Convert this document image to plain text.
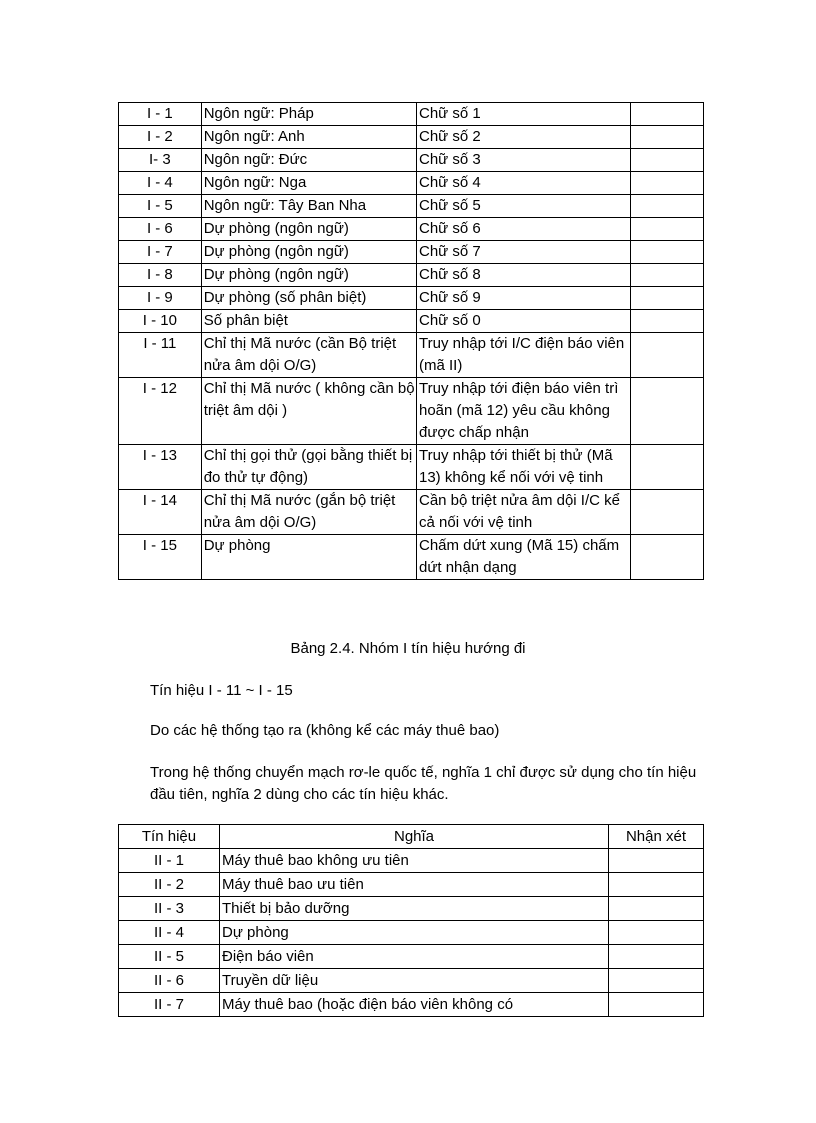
I - 1	Ngôn ngữ: Pháp	Chữ số 1	
I - 2	Ngôn ngữ: Anh	Chữ số 2	
I- 3	Ngôn ngữ: Đức	Chữ số 3	
I - 4	Ngôn ngữ: Nga	Chữ số 4	
I - 5	Ngôn ngữ: Tây Ban Nha	Chữ số 5	
I - 6	Dự phòng (ngôn ngữ)	Chữ số 6	
I - 7	Dự phòng (ngôn ngữ)	Chữ số 7	
I - 8	Dự phòng (ngôn ngữ)	Chữ số 8	
I - 9	Dự phòng (số phân biệt)	Chữ số 9	
I - 10	Số phân biệt	Chữ số 0	
I - 11	Chỉ thị Mã nước (cần Bộ triệt nửa âm dội O/G)	Truy nhập tới I/C điện báo viên (mã II)	
I - 12	Chỉ thị Mã nước ( không cần bộ triệt âm dội )	Truy nhập tới điện báo viên trì hoãn (mã 12) yêu cầu không được chấp nhận	
I - 13	Chỉ thị gọi thử (gọi bằng thiết bị đo thử tự động)	Truy nhập tới thiết bị thử (Mã 13) không kể nối với vệ tinh	
I - 14	Chỉ thị Mã nước (gắn bộ triệt nửa âm dội O/G)	Cần bộ triệt nửa âm dội I/C kể cả nối với vệ tinh	
I - 15	Dự phòng	Chấm dứt xung (Mã 15) chấm dứt nhận dạng	
Bảng 2.4. Nhóm I tín hiệu hướng đi
Tín hiệu I - 11 ~ I - 15
Do các hệ thống tạo ra (không kể các máy thuê bao)
Trong hệ thống chuyển mạch rơ-le quốc tế, nghĩa 1 chỉ được sử dụng cho tín hiệu đầu tiên, nghĩa 2 dùng cho các tín hiệu khác.
Tín hiệu	Nghĩa	Nhận xét
II - 1	Máy thuê bao không ưu tiên	
II - 2	Máy thuê bao ưu tiên	
II - 3	Thiết bị bảo dưỡng	
II - 4	Dự phòng	
II - 5	Điện báo viên	
II - 6	Truyền dữ liệu	
II - 7	Máy thuê bao (hoặc điện báo viên không có	
